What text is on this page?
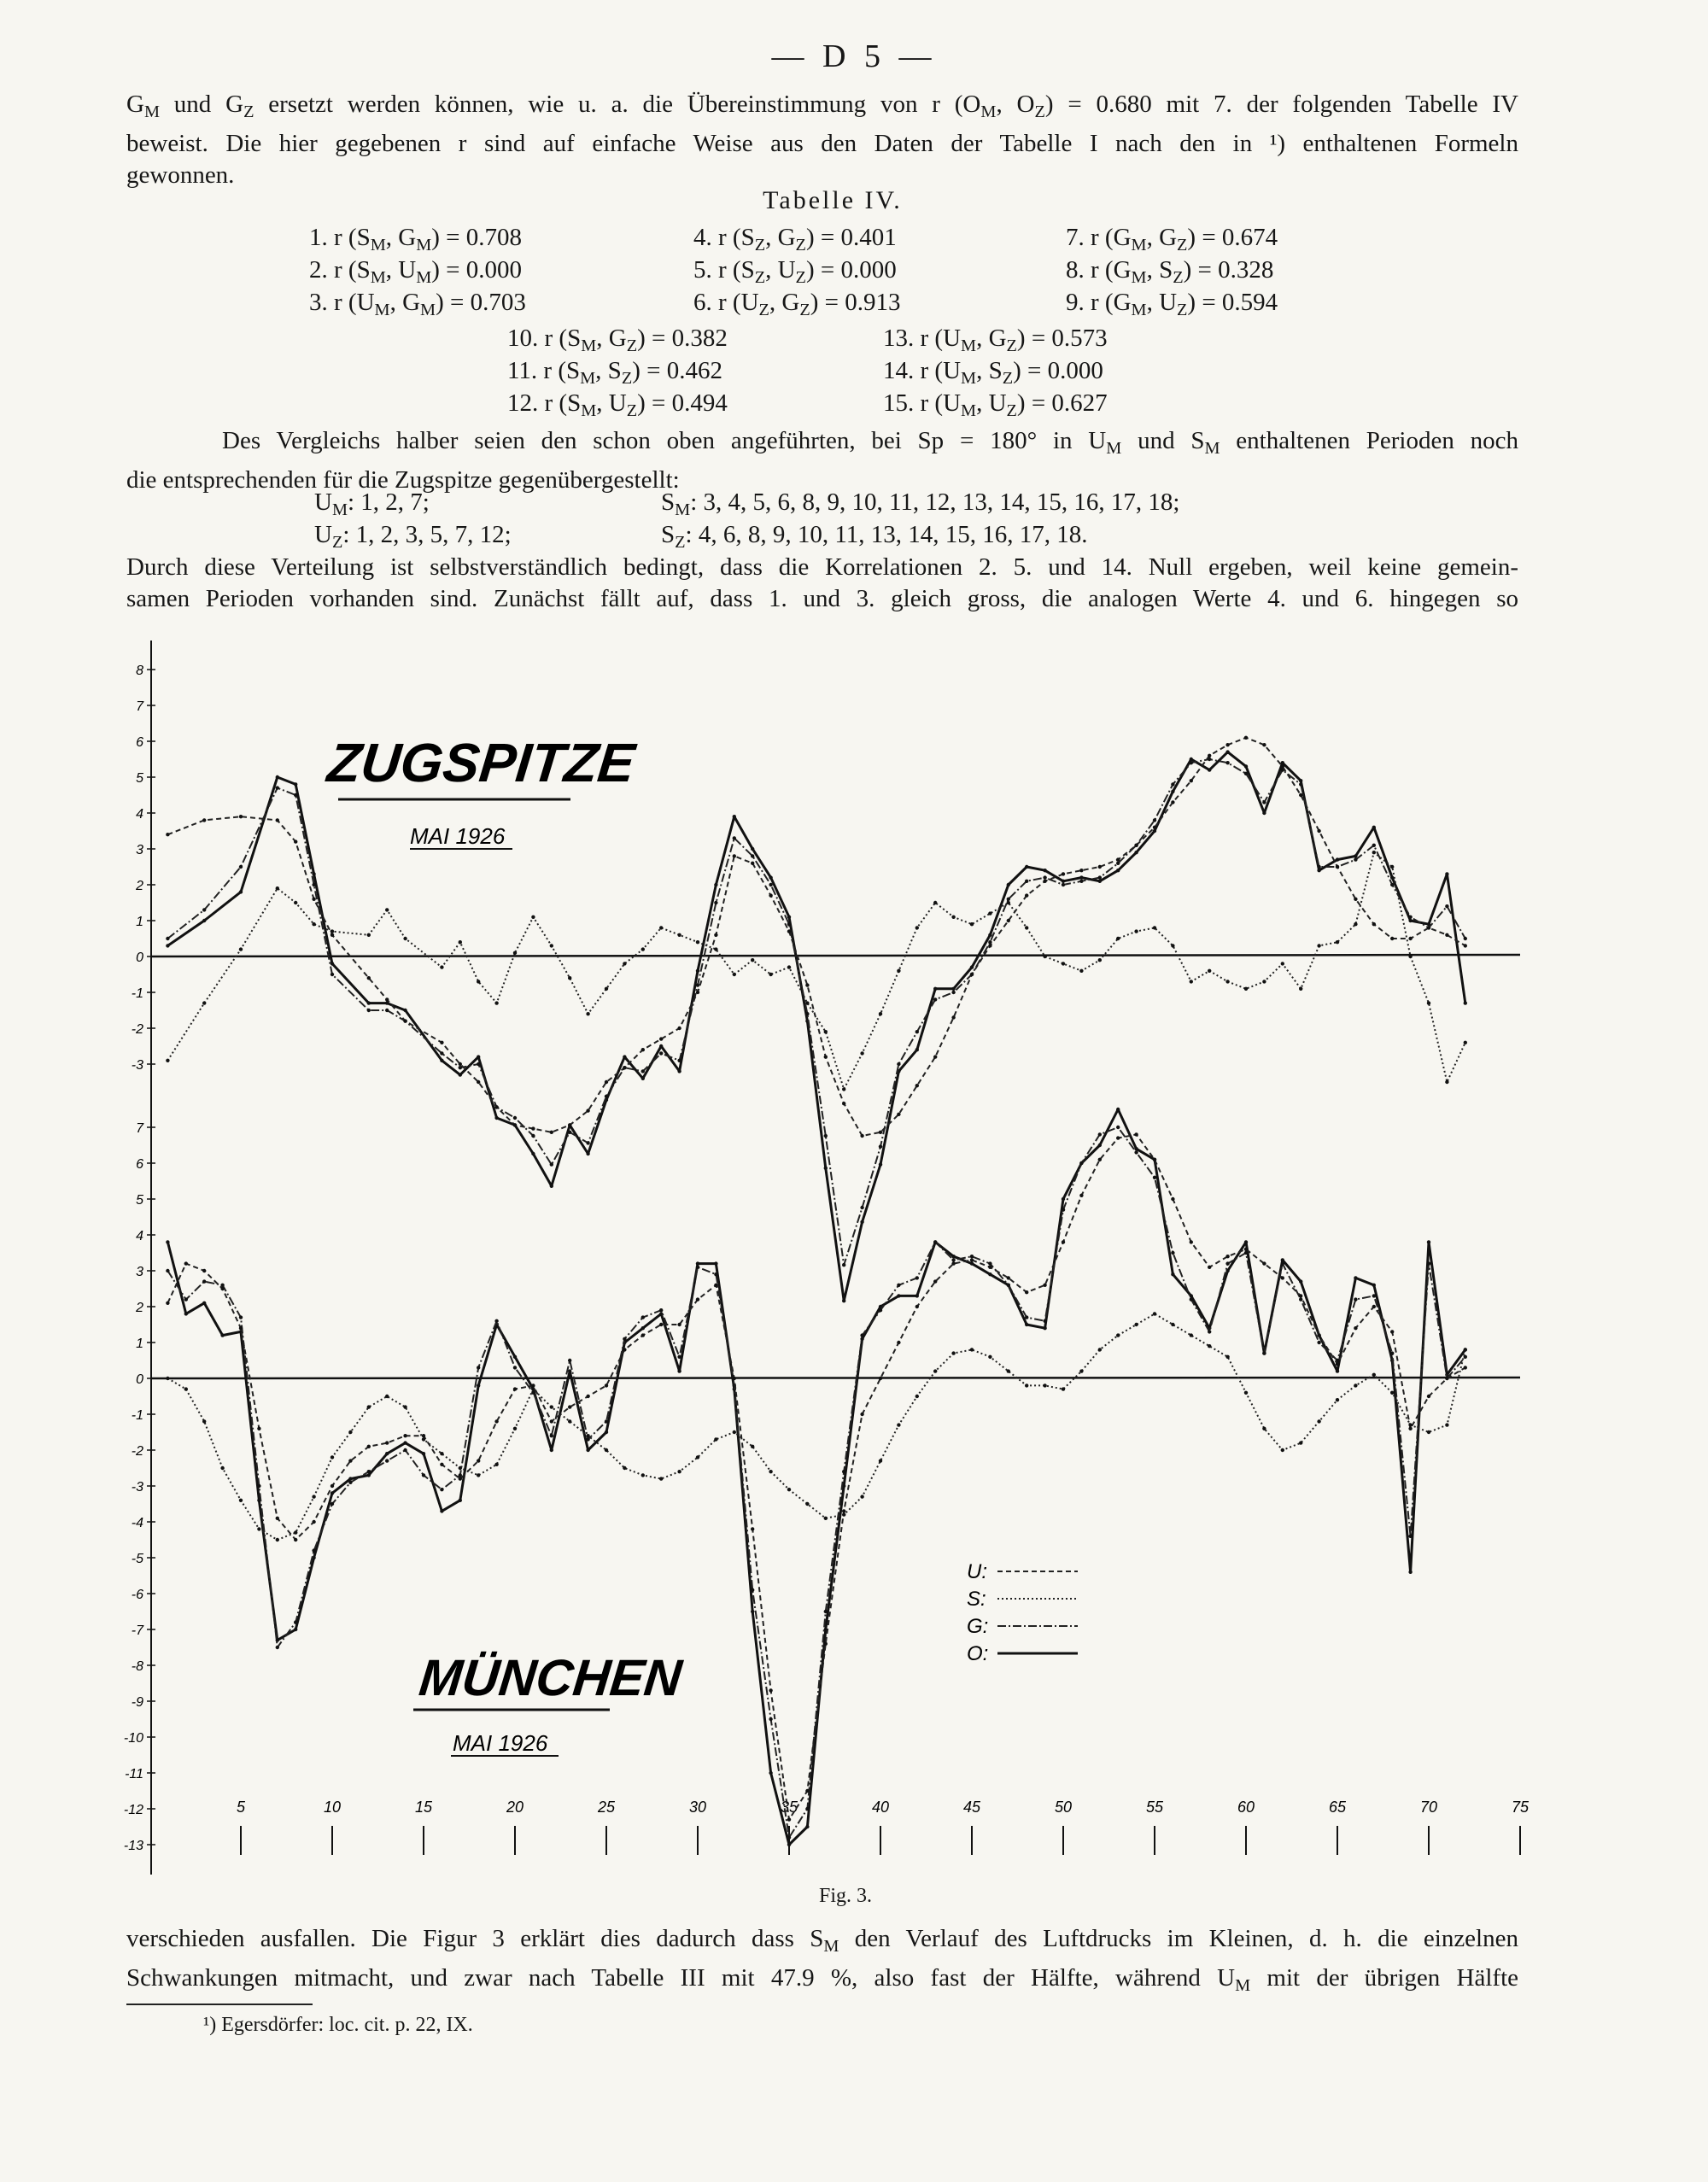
— D 5 —
$G_M$ und $G_Z$ ersetzt werden können, wie u. a. die Übereinstimmung von r ($O_M$, $O_Z) = 0.680$ mit 7. der folgenden Tabelle IV
beweist. Die hier gegebenen r sind auf einfache Weise aus den Daten der Tabelle I nach den in ¹) enthaltenen Formeln
gewonnen.
Tabelle IV.
1. r ($S_M$, $G_M) = 0.708$	4. r ($S_Z$, $G_Z) = 0.401$	7. r ($G_M$, $G_Z) = 0.674$
2. r ($S_M$, $U_M) = 0.000$	5. r ($S_Z$, $U_Z) = 0.000$	8. r ($G_M$, $S_Z) = 0.328$
3. r ($U_M$, $G_M) = 0.703$	6. r ($U_Z$, $G_Z) = 0.913$	9. r ($G_M$, $U_Z) = 0.594$
10. r ($S_M$, $G_Z) = 0.382$	13. r ($U_M$, $G_Z) = 0.573$
11. r ($S_M$, $S_Z) = 0.462$	14. r ($U_M$, $S_Z) = 0.000$
12. r ($S_M$, $U_Z) = 0.494$	15. r ($U_M$, $U_Z) = 0.627$
Des Vergleichs halber seien den schon oben angeführten, bei Sp = 180° in $U_M$ und $S_M$ enthaltenen Perioden noch
die entsprechenden für die Zugspitze gegenübergestellt:
$U_M$: 1, 2, 7;	$S_M$: 3, 4, 5, 6, 8, 9, 10, 11, 12, 13, 14, 15, 16, 17, 18;
$U_Z$: 1, 2, 3, 5, 7, 12;	$S_Z$: 4, 6, 8, 9, 10, 11, 13, 14, 15, 16, 17, 18.
Durch diese Verteilung ist selbstverständlich bedingt, dass die Korrelationen 2. 5. und 14. Null ergeben, weil keine gemein-
samen Perioden vorhanden sind. Zunächst fällt auf, dass 1. und 3. gleich gross, die analogen Werte 4. und 6. hingegen so
8
7
6
5
4
3
2
1
0
-1
-2
-3
7
6
5
4
3
2
1
0
-1
-2
-3
-4
-5
-6
-7
-8
-9
-10
-11
-12
-13
5	10	15	20	25	30	35	40	45	50	55	60	65	70	75
ZUGSPITZE
MAI 1926
MÜNCHEN
MAI 1926
U:
S:
G:
O:
Fig. 3.
verschieden ausfallen. Die Figur 3 erklärt dies dadurch dass $S_M$ den Verlauf des Luftdrucks im Kleinen, d. h. die einzelnen
Schwankungen mitmacht, und zwar nach Tabelle III mit 47.9 %, also fast der Hälfte, während $U_M$ mit der übrigen Hälfte
¹) Egersdörfer: loc. cit. p. 22, IX.
